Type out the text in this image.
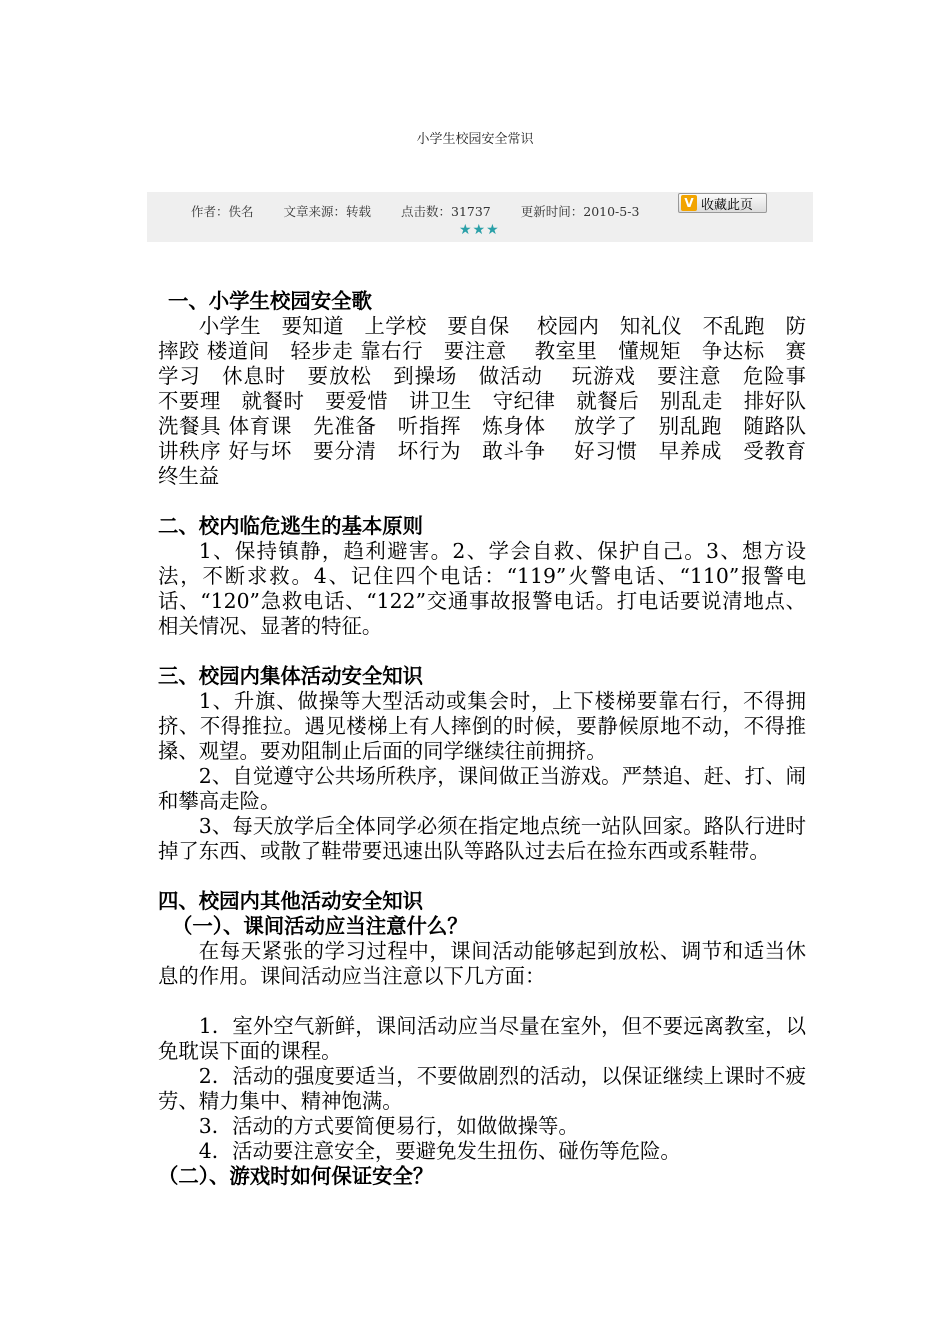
小学生校园安全常识
作者：佚名 文章来源：转载 点击数：31737 更新时间：2010-5-3
V 收藏此页
★★★
一、小学生校园安全歌

小学生　要知道　上学校　要自保　 校园内　知礼仪　不乱跑　防摔跤 楼道间　轻步走 靠右行　要注意　 教室里　懂规矩　争达标　赛学习　休息时　要放松　到操场　做活动　 玩游戏　要注意　危险事　不要理　就餐时　要爱惜　讲卫生　守纪律　就餐后　别乱走　排好队　洗餐具 体育课　先准备　听指挥　炼身体　 放学了　别乱跑　随路队　讲秩序 好与坏　要分清　坏行为　敢斗争　 好习惯　早养成　受教育　终生益

二、校内临危逃生的基本原则

1、保持镇静，趋利避害。2、学会自救、保护自己。3、想方设法，不断求救。4、记住四个电话：“119”火警电话、“110”报警电话、“120”急救电话、“122”交通事故报警电话。打电话要说清地点、相关情况、显著的特征。

三、校园内集体活动安全知识

1、升旗、做操等大型活动或集会时，上下楼梯要靠右行，不得拥挤、不得推拉。遇见楼梯上有人摔倒的时候，要静候原地不动，不得推搡、观望。要劝阻制止后面的同学继续往前拥挤。

2、自觉遵守公共场所秩序，课间做正当游戏。严禁追、赶、打、闹和攀高走险。

3、每天放学后全体同学必须在指定地点统一站队回家。路队行进时掉了东西、或散了鞋带要迅速出队等路队过去后在捡东西或系鞋带。

四、校园内其他活动安全知识
（一）、课间活动应当注意什么？

在每天紧张的学习过程中，课间活动能够起到放松、调节和适当休息的作用。课间活动应当注意以下几方面：

1．室外空气新鲜，课间活动应当尽量在室外，但不要远离教室，以免耽误下面的课程。

2．活动的强度要适当，不要做剧烈的活动，以保证继续上课时不疲劳、精力集中、精神饱满。

3．活动的方式要简便易行，如做做操等。

4．活动要注意安全，要避免发生扭伤、碰伤等危险。

（二）、游戏时如何保证安全？
